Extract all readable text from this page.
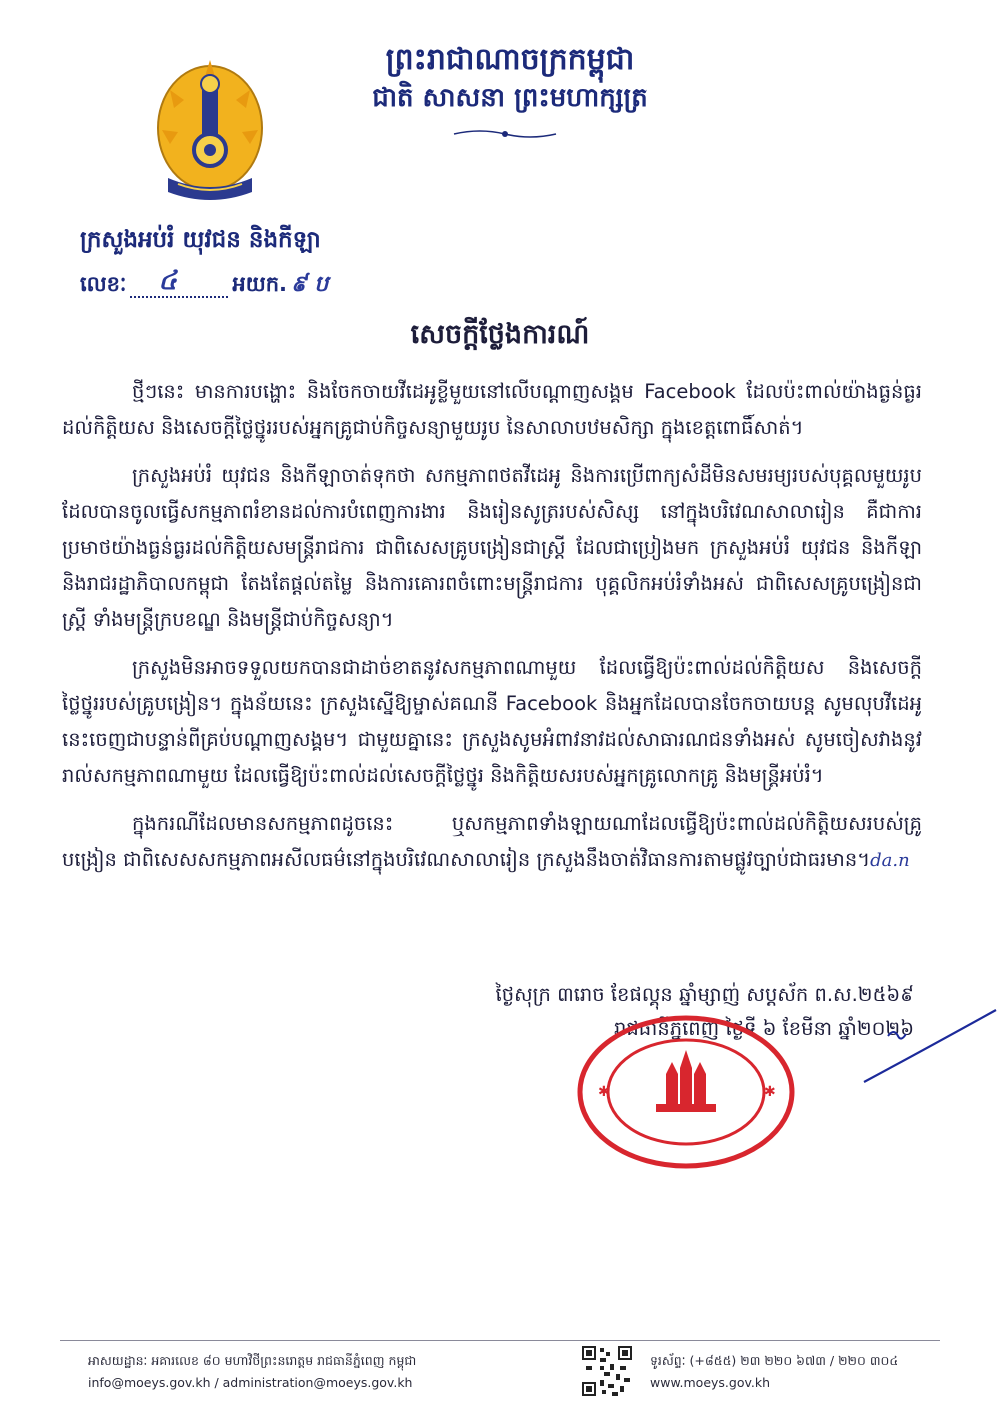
ព្រះរាជាណាចក្រកម្ពុជា
ជាតិ សាសនា ព្រះមហាក្សត្រ
ក្រសួងអប់រំ យុវជន និងកីឡា
លេខៈ ៤	អយក. ៩ ប
សេចក្តីថ្លែងការណ៍

ថ្មីៗនេះ មានការបង្ហោះ និងចែកចាយវីដេអូខ្លីមួយនៅលើបណ្តាញសង្គម Facebook ដែលប៉ះពាល់យ៉ាងធ្ងន់ធ្ងរដល់កិត្តិយស និងសេចក្តីថ្លៃថ្នូររបស់អ្នកគ្រូជាប់កិច្ចសន្យាមួយរូប នៃសាលាបឋមសិក្សា ក្នុងខេត្តពោធិ៍សាត់។

ក្រសួងអប់រំ យុវជន និងកីឡាចាត់ទុកថា សកម្មភាពថតវីដេអូ និងការប្រើពាក្យសំដីមិនសមរម្យរបស់បុគ្គលមួយរូប ដែលបានចូលធ្វើសកម្មភាពរំខានដល់ការបំពេញការងារ និងរៀនសូត្ររបស់សិស្ស នៅក្នុងបរិវេណសាលារៀន គឺជាការប្រមាថយ៉ាងធ្ងន់ធ្ងរដល់កិត្តិយសមន្ត្រីរាជការ ជាពិសេសគ្រូបង្រៀនជាស្ត្រី ដែលជាប្រៀងមក ក្រសួងអប់រំ យុវជន និងកីឡា និងរាជរដ្ឋាភិបាលកម្ពុជា តែងតែផ្តល់តម្លៃ និងការគោរពចំពោះមន្ត្រីរាជការ បុគ្គលិកអប់រំទាំងអស់ ជាពិសេសគ្រូបង្រៀនជាស្ត្រី ទាំងមន្ត្រីក្របខណ្ឌ និងមន្ត្រីជាប់កិច្ចសន្យា។

ក្រសួងមិនអាចទទួលយកបានជាដាច់ខាតនូវសកម្មភាពណាមួយ ដែលធ្វើឱ្យប៉ះពាល់ដល់កិត្តិយស និងសេចក្តីថ្លៃថ្នូររបស់គ្រូបង្រៀន។ ក្នុងន័យនេះ ក្រសួងស្នើឱ្យម្ចាស់គណនី Facebook និងអ្នកដែលបានចែកចាយបន្ត សូមលុបវីដេអូនេះចេញជាបន្ទាន់ពីគ្រប់បណ្តាញសង្គម។ ជាមួយគ្នានេះ ក្រសួងសូមអំពាវនាវដល់សាធារណជនទាំងអស់ សូមចៀសវាងនូវរាល់សកម្មភាពណាមួយ ដែលធ្វើឱ្យប៉ះពាល់ដល់សេចក្តីថ្លៃថ្នូរ និងកិត្តិយសរបស់អ្នកគ្រូលោកគ្រូ និងមន្ត្រីអប់រំ។

ក្នុងករណីដែលមានសកម្មភាពដូចនេះ ឬសកម្មភាពទាំងឡាយណាដែលធ្វើឱ្យប៉ះពាល់ដល់កិត្តិយសរបស់គ្រូបង្រៀន ជាពិសេសសកម្មភាពអសីលធម៌នៅក្នុងបរិវេណសាលារៀន ក្រសួងនឹងចាត់វិធានការតាមផ្លូវច្បាប់ជាធរមាន។da.n

ថ្ងៃសុក្រ ៣រោច ខែផល្គុន ឆ្នាំម្សាញ់ សប្តស័ក ព.ស.២៥៦៩
រាជធានីភ្នំពេញ ថ្ងៃទី ៦ ខែមីនា ឆ្នាំ២០២៦
✱	✱
អាសយដ្ឋានៈ អគារលេខ ៨០ មហាវិថីព្រះនរោត្តម រាជធានីភ្នំពេញ កម្ពុជា
info@moeys.gov.kh / administration@moeys.gov.kh
ទូរស័ព្ទៈ (+៨៥៥) ២៣ ២២០ ៦៧៣ / ២២០ ៣០៤
www.moeys.gov.kh
